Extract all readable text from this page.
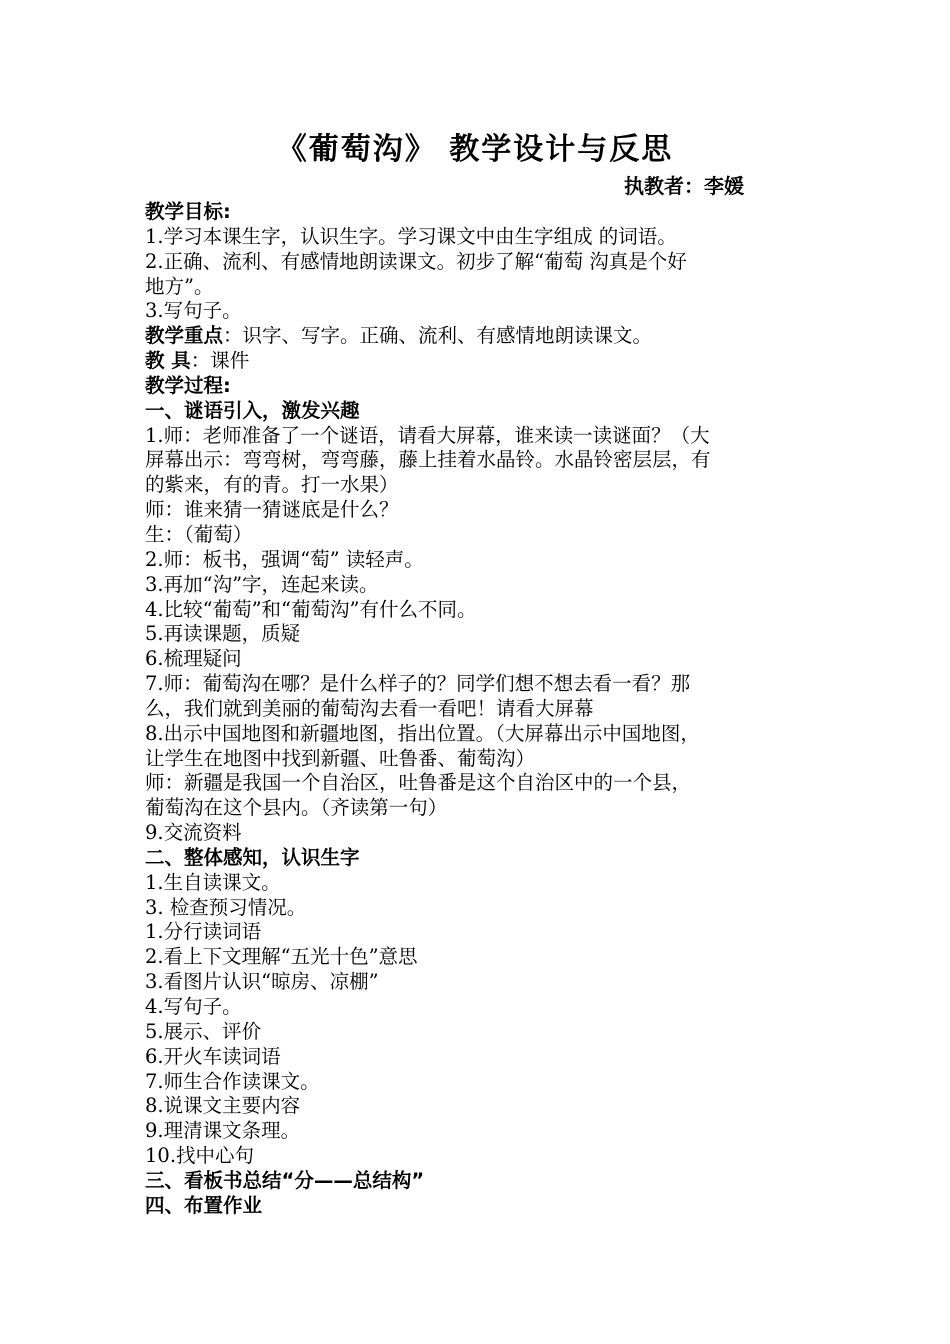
《葡萄沟》 教学设计与反思
执教者：李媛

教学目标:

1.学习本课生字，认识生字。学习课文中由生字组成 的词语。

2.正确、流利、有感情地朗读课文。初步了解“葡萄 沟真是个好

地方”。

3.写句子。

教学重点：识字、写字。正确、流利、有感情地朗读课文。

教 具：课件

教学过程:

一、谜语引入，激发兴趣

1.师：老师准备了一个谜语，请看大屏幕，谁来读一读谜面？（大

屏幕出示：弯弯树，弯弯藤，藤上挂着水晶铃。水晶铃密层层，有

的紫来，有的青。打一水果）

师：谁来猜一猜谜底是什么？

生：（葡萄）

2.师：板书，强调“萄” 读轻声。

3.再加“沟”字，连起来读。

4.比较“葡萄”和“葡萄沟”有什么不同。

5.再读课题，质疑

6.梳理疑问

7.师：葡萄沟在哪？是什么样子的？同学们想不想去看一看？那

么，我们就到美丽的葡萄沟去看一看吧！请看大屏幕

8.出示中国地图和新疆地图，指出位置。（大屏幕出示中国地图，

让学生在地图中找到新疆、吐鲁番、葡萄沟）

师：新疆是我国一个自治区，吐鲁番是这个自治区中的一个县，

葡萄沟在这个县内。（齐读第一句）

9.交流资料

二、整体感知，认识生字

1.生自读课文。

3. 检查预习情况。

1.分行读词语

2.看上下文理解“五光十色”意思

3.看图片认识“晾房、凉棚”

4.写句子。

5.展示、评价

6.开火车读词语

7.师生合作读课文。

8.说课文主要内容

9.理清课文条理。

10.找中心句

三、看板书总结“分——总结构”

四、布置作业
